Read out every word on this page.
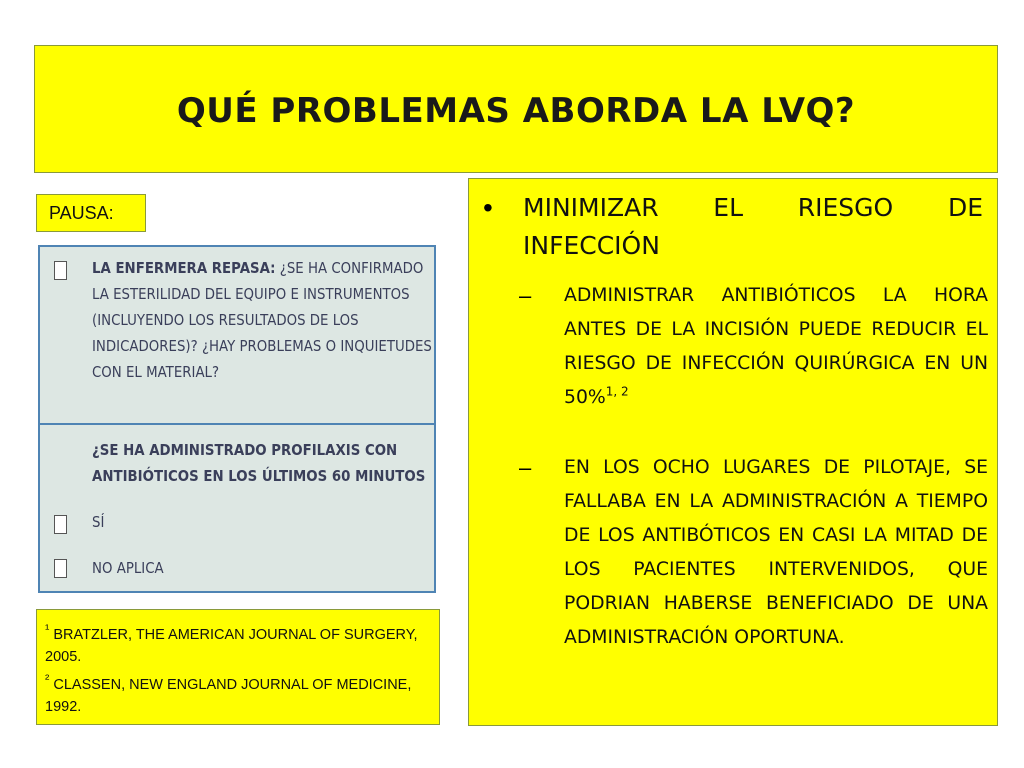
QUÉ PROBLEMAS ABORDA LA LVQ?
PAUSA:
LA ENFERMERA REPASA: ¿SE HA CONFIRMADO LA ESTERILIDAD DEL EQUIPO E INSTRUMENTOS (INCLUYENDO LOS RESULTADOS DE LOS INDICADORES)? ¿HAY PROBLEMAS O INQUIETUDES CON EL MATERIAL?
¿SE HA ADMINISTRADO PROFILAXIS CON ANTIBIÓTICOS EN LOS ÚLTIMOS 60 MINUTOS
SÍ
NO APLICA

$^{^1}$ BRATZLER, THE AMERICAN JOURNAL OF SURGERY, 2005.

$^{^2}$ CLASSEN, NEW ENGLAND JOURNAL OF MEDICINE, 1992.

•	MINIMIZAR EL RIESGO DE INFECCIÓN
–	ADMINISTRAR ANTIBIÓTICOS LA HORA ANTES DE LA INCISIÓN PUEDE REDUCIR EL RIESGO DE INFECCIÓN QUIRÚRGICA EN UN 50%$^{1, 2}$
–	EN LOS OCHO LUGARES DE PILOTAJE, SE FALLABA EN LA ADMINISTRACIÓN A TIEMPO DE LOS ANTIBÓTICOS EN CASI LA MITAD DE LOS PACIENTES INTERVENIDOS, QUE PODRIAN HABERSE BENEFICIADO DE UNA ADMINISTRACIÓN OPORTUNA.
